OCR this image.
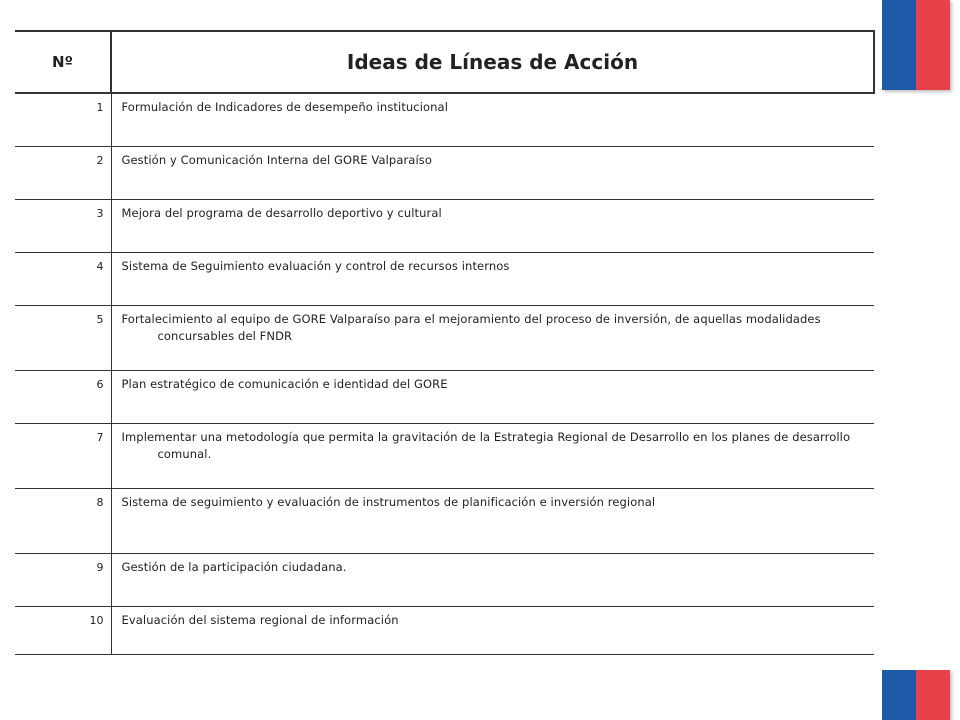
Nº	Ideas de Líneas de Acción
1	Formulación de Indicadores de desempeño institucional
2	Gestión y Comunicación Interna del GORE Valparaíso
3	Mejora del programa de desarrollo deportivo y cultural
4	Sistema de Seguimiento evaluación y control de recursos internos
5	Fortalecimiento al equipo de GORE Valparaíso para el mejoramiento del proceso de inversión, de aquellas modalidades concursables del FNDR
6	Plan estratégico de comunicación e identidad del GORE
7	Implementar una metodología que permita la gravitación de la Estrategia Regional de Desarrollo en los planes de desarrollo comunal.
8	Sistema de seguimiento y evaluación de instrumentos de planificación e inversión regional
9	Gestión de la participación ciudadana.
10	Evaluación del sistema regional de información
